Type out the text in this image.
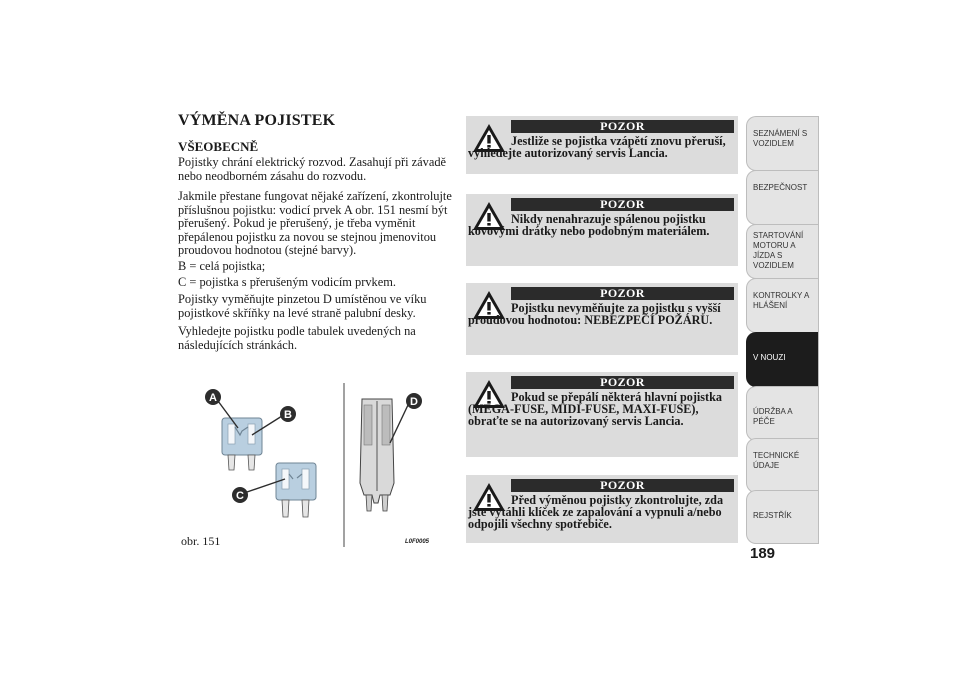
VÝMĚNA POJISTEK
VŠEOBECNĚ
Pojistky chrání elektrický rozvod. Zasahují při závadě nebo neodborném zásahu do rozvodu.
Jakmile přestane fungovat nějaké zařízení, zkontrolujte příslušnou pojistku: vodicí prvek A obr. 151 nesmí být přerušený. Pokud je přerušený, je třeba vyměnit přepálenou pojistku za novou se stejnou jmenovitou proudovou hodnotou (stejné barvy).
B = celá pojistka;
C = pojistka s přerušeným vodicím prvkem.
Pojistky vyměňujte pinzetou D umístěnou ve víku pojistkové skříňky na levé straně palubní desky.
Vyhledejte pojistku podle tabulek uvedených na následujících stránkách.
POZOR
Jestliže se pojistka vzápětí znovu přeruší, vyhledejte autorizovaný servis Lancia.
POZOR
Nikdy nenahrazuje spálenou pojistku kovovými drátky nebo podobným materiálem.
POZOR
Pojistku nevyměňujte za pojistku s vyšší proudovou hodnotou: NEBEZPEČÍ POŽÁRU.
POZOR
Pokud se přepálí některá hlavní pojistka (MEGA-FUSE, MIDI-FUSE, MAXI-FUSE), obraťte se na autorizovaný servis Lancia.
POZOR
Před výměnou pojistky zkontrolujte, zda jste vytáhli klíček ze zapalování a vypnuli a/nebo odpojili všechny spotřebiče.
A
B
C
D
obr. 151	L0F0005
SEZNÁMENÍ S VOZIDLEM
BEZPEČNOST
STARTOVÁNÍ MOTORU A JÍZDA S VOZIDLEM
KONTROLKY A HLÁŠENÍ
V NOUZI
ÚDRŽBA A PÉČE
TECHNICKÉ ÚDAJE
REJSTŘÍK
189
